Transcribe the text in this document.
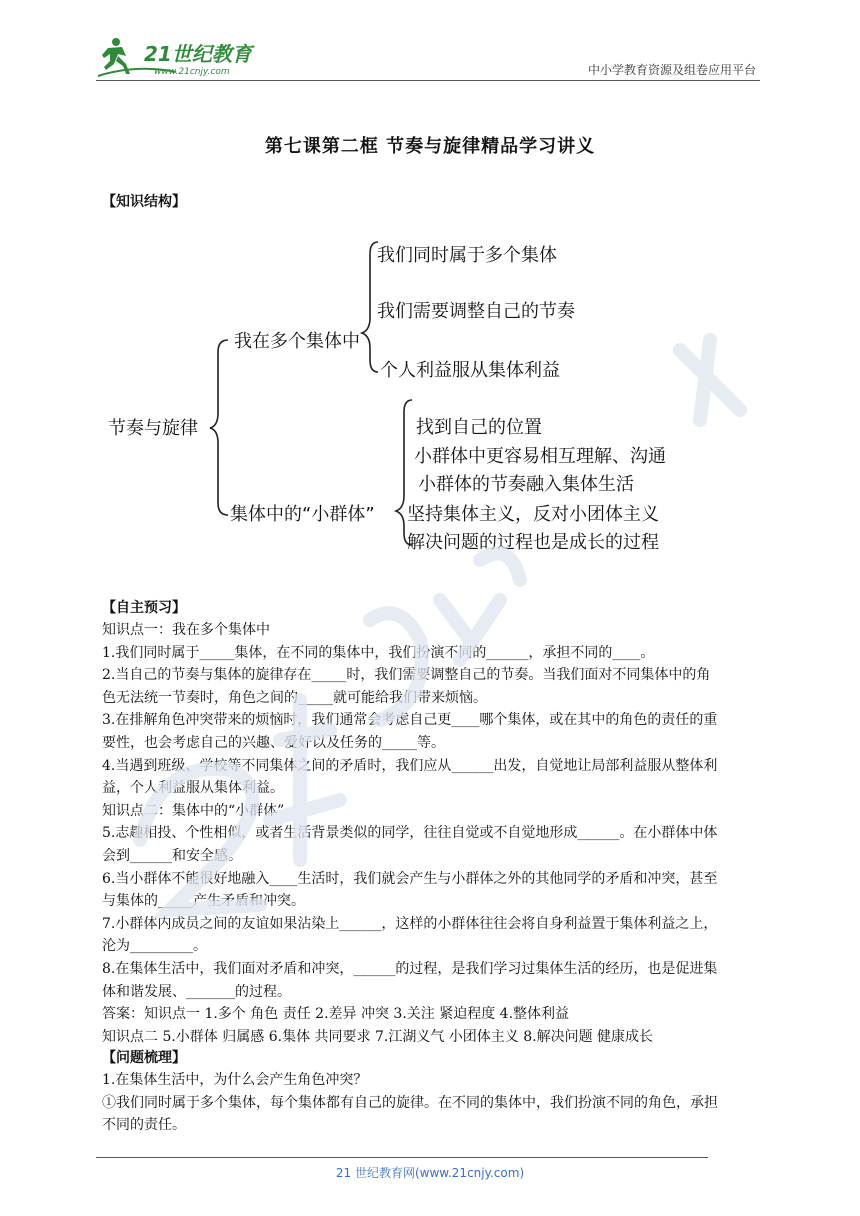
21世纪教育
www.21cnjy.com	中小学教育资源及组卷应用平台
第七课第二框 节奏与旋律精品学习讲义
【知识结构】
节奏与旋律
我在多个集体中
集体中的“小群体”
我们同时属于多个集体
我们需要调整自己的节奏
个人利益服从集体利益
找到自己的位置
小群体中更容易相互理解、沟通
小群体的节奏融入集体生活
坚持集体主义，反对小团体主义
解决问题的过程也是成长的过程
【自主预习】

知识点一：我在多个集体中

1.我们同时属于_____集体，在不同的集体中，我们扮演不同的______，承担不同的____。

2.当自己的节奏与集体的旋律存在_____时，我们需要调整自己的节奏。当我们面对不同集体中的角

色无法统一节奏时，角色之间的_____就可能给我们带来烦恼。

3.在排解角色冲突带来的烦恼时，我们通常会考虑自己更____哪个集体，或在其中的角色的责任的重

要性，也会考虑自己的兴趣、爱好以及任务的_____等。

4.当遇到班级、学校等不同集体之间的矛盾时，我们应从______出发，自觉地让局部利益服从整体利

益，个人利益服从集体利益。

知识点二：集体中的“小群体”

5.志趣相投、个性相似，或者生活背景类似的同学，往往自觉或不自觉地形成______。在小群体中体

会到______和安全感。

6.当小群体不能很好地融入____生活时，我们就会产生与小群体之外的其他同学的矛盾和冲突，甚至

与集体的_____产生矛盾和冲突。

7.小群体内成员之间的友谊如果沾染上______，这样的小群体往往会将自身利益置于集体利益之上，

沦为_________。

8.在集体生活中，我们面对矛盾和冲突，______的过程，是我们学习过集体生活的经历，也是促进集

体和谐发展、_______的过程。

答案：知识点一 1.多个 角色 责任 2.差异 冲突 3.关注 紧迫程度 4.整体利益

知识点二 5.小群体 归属感 6.集体 共同要求 7.江湖义气 小团体主义 8.解决问题 健康成长

【问题梳理】

1.在集体生活中，为什么会产生角色冲突？

①我们同时属于多个集体，每个集体都有自己的旋律。在不同的集体中，我们扮演不同的角色，承担

不同的责任。

21 世纪教育网(www.21cnjy.com)
